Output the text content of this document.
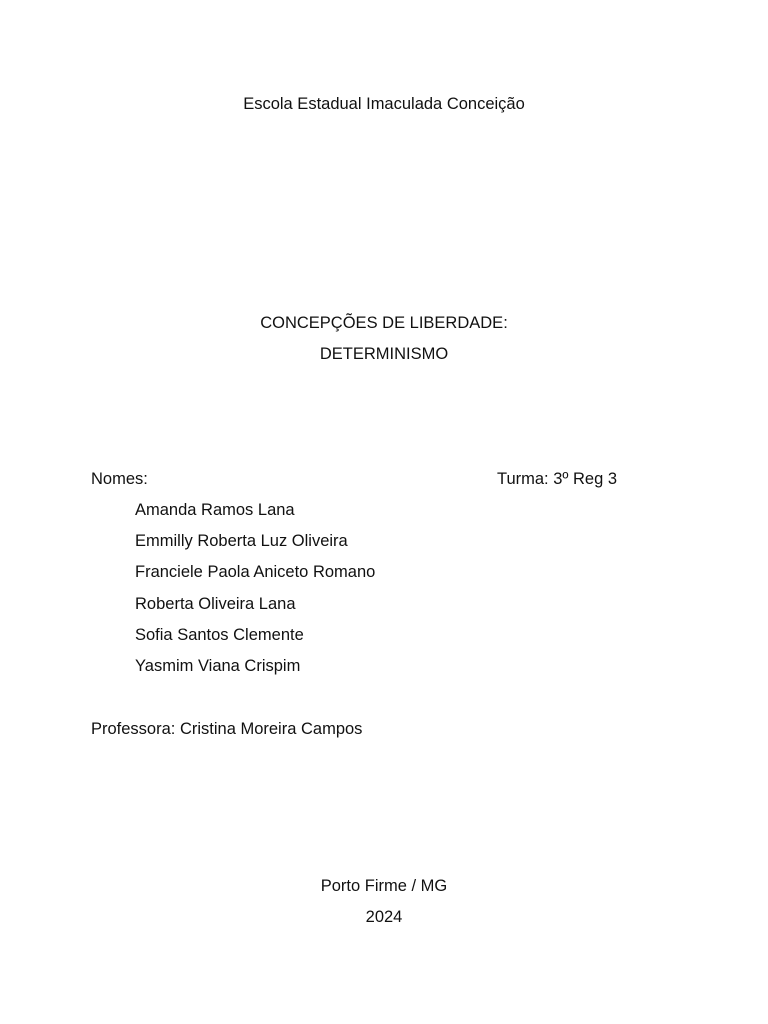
Escola Estadual Imaculada Conceição
CONCEPÇÕES DE LIBERDADE:
DETERMINISMO
Nomes:	Turma: 3º Reg 3
Amanda Ramos Lana
Emmilly Roberta Luz Oliveira
Franciele Paola Aniceto Romano
Roberta Oliveira Lana
Sofia Santos Clemente
Yasmim Viana Crispim
Professora: Cristina Moreira Campos
Porto Firme / MG
2024
